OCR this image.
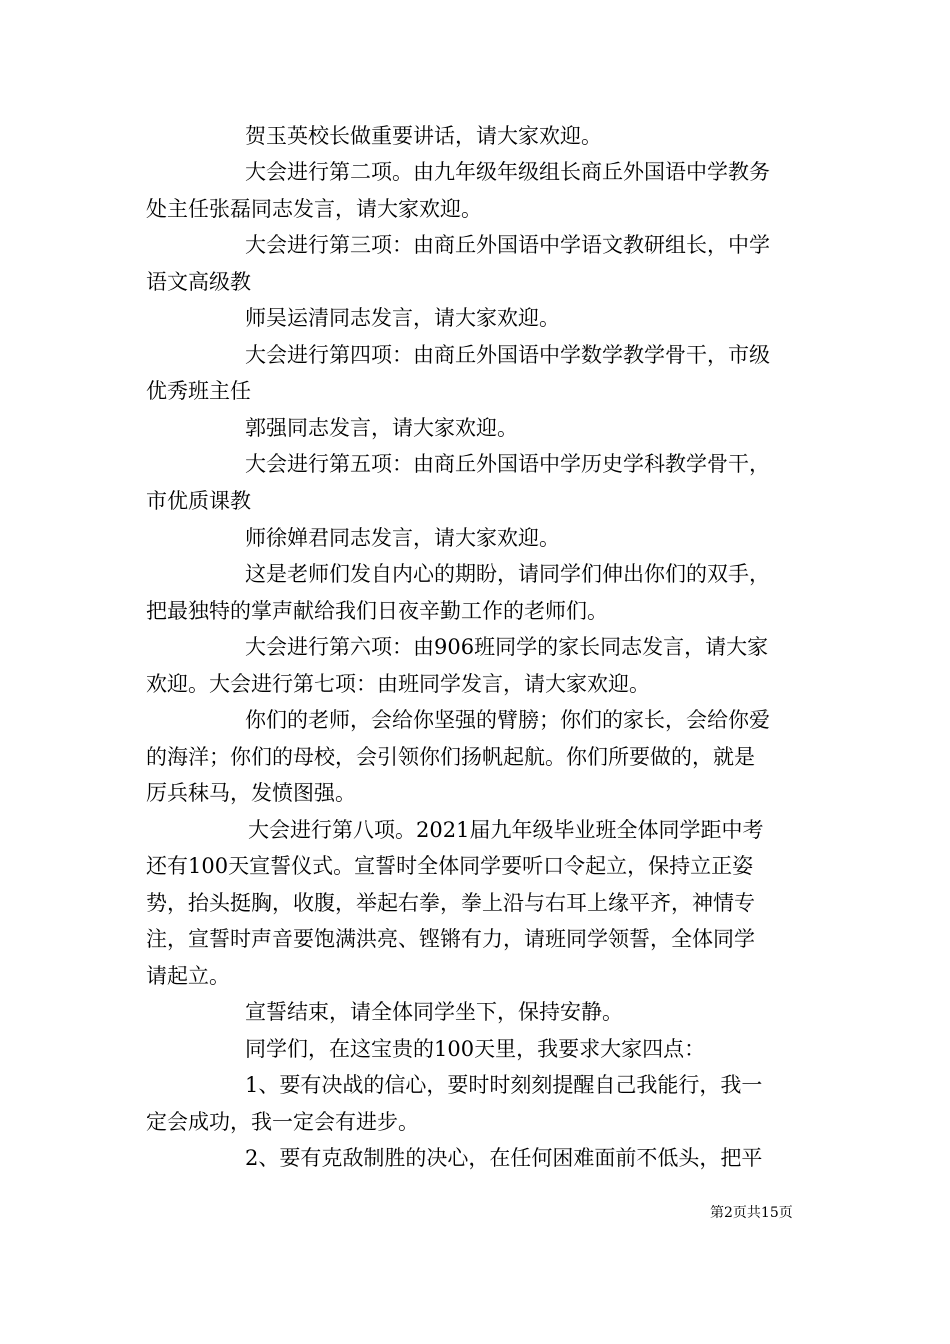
贺玉英校长做重要讲话，请大家欢迎。
大会进行第二项。由九年级年级组长商丘外国语中学教务
处主任张磊同志发言，请大家欢迎。
大会进行第三项：由商丘外国语中学语文教研组长，中学
语文高级教
师吴运清同志发言，请大家欢迎。
大会进行第四项：由商丘外国语中学数学教学骨干，市级
优秀班主任
郭强同志发言，请大家欢迎。
大会进行第五项：由商丘外国语中学历史学科教学骨干，
市优质课教
师徐婵君同志发言，请大家欢迎。
这是老师们发自内心的期盼，请同学们伸出你们的双手，
把最独特的掌声献给我们日夜辛勤工作的老师们。
大会进行第六项：由906班同学的家长同志发言，请大家
欢迎。大会进行第七项：由班同学发言，请大家欢迎。
你们的老师，会给你坚强的臂膀；你们的家长，会给你爱
的海洋；你们的母校，会引领你们扬帆起航。你们所要做的，就是
厉兵秣马，发愤图强。
大会进行第八项。2021届九年级毕业班全体同学距中考
还有100天宣誓仪式。宣誓时全体同学要听口令起立，保持立正姿
势，抬头挺胸，收腹，举起右拳，拳上沿与右耳上缘平齐，神情专
注，宣誓时声音要饱满洪亮、铿锵有力，请班同学领誓，全体同学
请起立。
宣誓结束，请全体同学坐下，保持安静。
同学们，在这宝贵的100天里，我要求大家四点：
1、要有决战的信心，要时时刻刻提醒自己我能行，我一
定会成功，我一定会有进步。
2、要有克敌制胜的决心，在任何困难面前不低头，把平
第2页共15页
